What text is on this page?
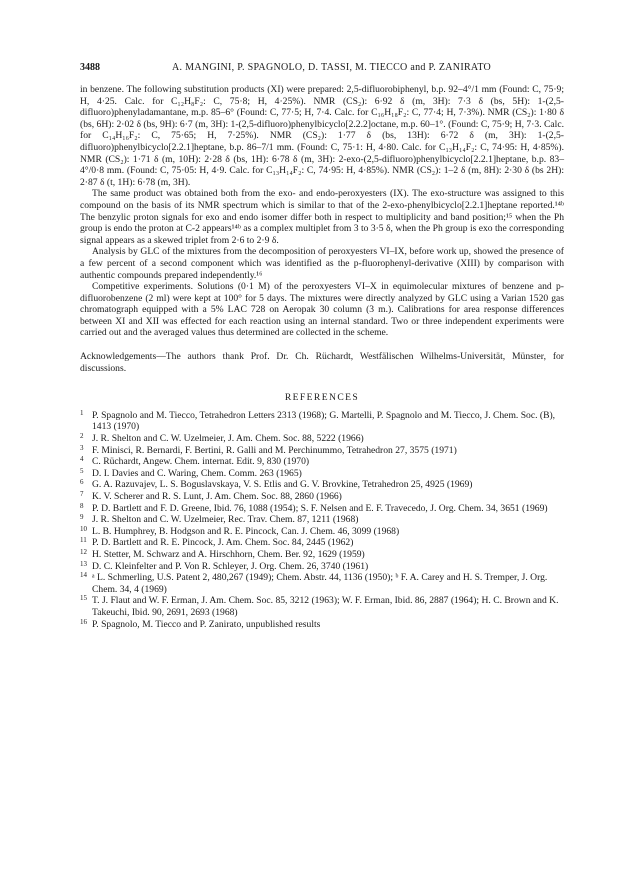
3488	A. MANGINI, P. SPAGNOLO, D. TASSI, M. TIECCO and P. ZANIRATO

in benzene. The following substitution products (XI) were prepared: 2,5-difluorobiphenyl, b.p. 92–4°/1 mm (Found: C, 75·9; H, 4·25. Calc. for C₁₂H₈F₂: C, 75·8; H, 4·25%). NMR (CS₂): 6·92 δ (m, 3H): 7·3 δ (bs, 5H): 1-(2,5-difluoro)phenyladamantane, m.p. 85–6° (Found: C, 77·5; H, 7·4. Calc. for C₁₆H₁₈F₂: C, 77·4; H, 7·3%). NMR (CS₂): 1·80 δ (bs, 6H): 2·02 δ (bs, 9H): 6·7 (m, 3H): 1-(2,5-difluoro)phenylbicyclo[2.2.2]octane, m.p. 60–1°. (Found: C, 75·9; H, 7·3. Calc. for C₁₄H₁₆F₂: C, 75·65; H, 7·25%). NMR (CS₂): 1·77 δ (bs, 13H): 6·72 δ (m, 3H): 1-(2,5-difluoro)phenylbicyclo[2.2.1]heptane, b.p. 86–7/1 mm. (Found: C, 75·1: H, 4·80. Calc. for C₁₃H₁₄F₂: C, 74·95: H, 4·85%). NMR (CS₂): 1·71 δ (m, 10H): 2·28 δ (bs, 1H): 6·78 δ (m, 3H): 2-exo-(2,5-difluoro)phenylbicyclo[2.2.1]heptane, b.p. 83–4°/0·8 mm. (Found: C, 75·05: H, 4·9. Calc. for C₁₃H₁₄F₂: C, 74·95: H, 4·85%). NMR (CS₂): 1–2 δ (m, 8H): 2·30 δ (bs 2H): 2·87 δ (t, 1H): 6·78 (m, 3H).

The same product was obtained both from the exo- and endo-peroxyesters (IX). The exo-structure was assigned to this compound on the basis of its NMR spectrum which is similar to that of the 2-exo-phenylbicyclo[2.2.1]heptane reported.¹⁴ᵇ The benzylic proton signals for exo and endo isomer differ both in respect to multiplicity and band position;¹⁵ when the Ph group is endo the proton at C-2 appears¹⁴ᵇ as a complex multiplet from 3 to 3·5 δ, when the Ph group is exo the corresponding signal appears as a skewed triplet from 2·6 to 2·9 δ.

Analysis by GLC of the mixtures from the decomposition of peroxyesters VI–IX, before work up, showed the presence of a few percent of a second component which was identified as the p-fluorophenyl-derivative (XIII) by comparison with authentic compounds prepared independently.¹⁶

Competitive experiments. Solutions (0·1 M) of the peroxyesters VI–X in equimolecular mixtures of benzene and p-difluorobenzene (2 ml) were kept at 100° for 5 days. The mixtures were directly analyzed by GLC using a Varian 1520 gas chromatograph equipped with a 5% LAC 728 on Aeropak 30 column (3 m.). Calibrations for area response differences between XI and XII was effected for each reaction using an internal standard. Two or three independent experiments were carried out and the averaged values thus determined are collected in the scheme.

Acknowledgements—The authors thank Prof. Dr. Ch. Rüchardt, Westfälischen Wilhelms-Universität, Münster, for discussions.

REFERENCES

1 P. Spagnolo and M. Tiecco, Tetrahedron Letters 2313 (1968); G. Martelli, P. Spagnolo and M. Tiecco, J. Chem. Soc. (B), 1413 (1970)

2 J. R. Shelton and C. W. Uzelmeier, J. Am. Chem. Soc. 88, 5222 (1966)

3 F. Minisci, R. Bernardi, F. Bertini, R. Galli and M. Perchinummo, Tetrahedron 27, 3575 (1971)

4 C. Rüchardt, Angew. Chem. internat. Edit. 9, 830 (1970)

5 D. I. Davies and C. Waring, Chem. Comm. 263 (1965)

6 G. A. Razuvajev, L. S. Boguslavskaya, V. S. Etlis and G. V. Brovkine, Tetrahedron 25, 4925 (1969)

7 K. V. Scherer and R. S. Lunt, J. Am. Chem. Soc. 88, 2860 (1966)

8 P. D. Bartlett and F. D. Greene, Ibid. 76, 1088 (1954); S. F. Nelsen and E. F. Travecedo, J. Org. Chem. 34, 3651 (1969)

9 J. R. Shelton and C. W. Uzelmeier, Rec. Trav. Chem. 87, 1211 (1968)

10 L. B. Humphrey, B. Hodgson and R. E. Pincock, Can. J. Chem. 46, 3099 (1968)

11 P. D. Bartlett and R. E. Pincock, J. Am. Chem. Soc. 84, 2445 (1962)

12 H. Stetter, M. Schwarz and A. Hirschhorn, Chem. Ber. 92, 1629 (1959)

13 D. C. Kleinfelter and P. Von R. Schleyer, J. Org. Chem. 26, 3740 (1961)

14 ᵃ L. Schmerling, U.S. Patent 2, 480,267 (1949); Chem. Abstr. 44, 1136 (1950); ᵇ F. A. Carey and H. S. Tremper, J. Org. Chem. 34, 4 (1969)

15 T. J. Flaut and W. F. Erman, J. Am. Chem. Soc. 85, 3212 (1963); W. F. Erman, Ibid. 86, 2887 (1964); H. C. Brown and K. Takeuchi, Ibid. 90, 2691, 2693 (1968)

16 P. Spagnolo, M. Tiecco and P. Zanirato, unpublished results
